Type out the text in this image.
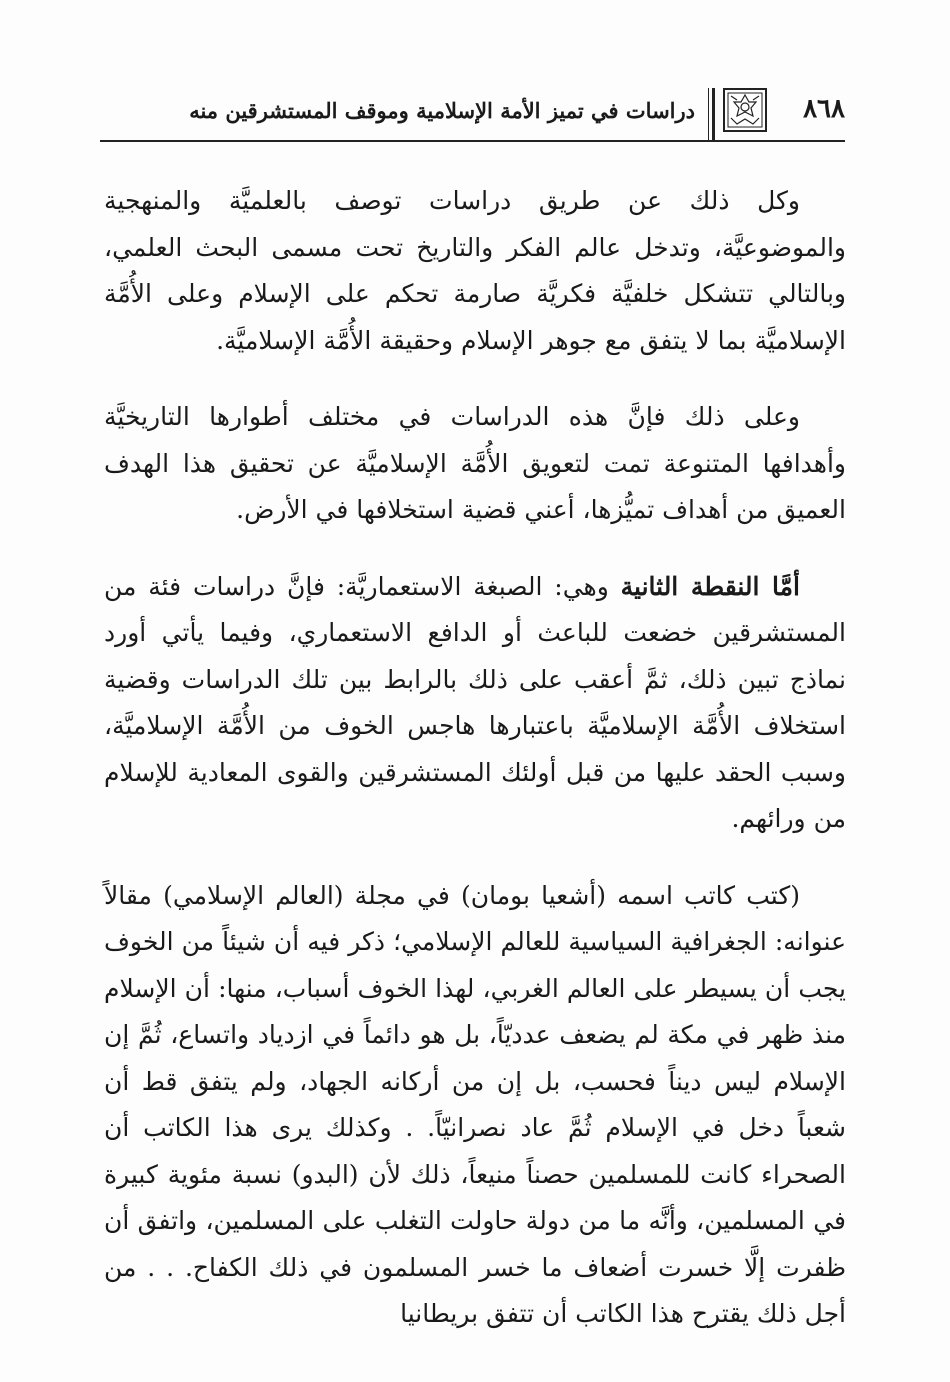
٨٦٨
دراسات في تميز الأمة الإسلامية وموقف المستشرقين منه

وكل ذلك عن طريق دراسات توصف بالعلميَّة والمنهجية والموضوعيَّة، وتدخل عالم الفكر والتاريخ تحت مسمى البحث العلمي، وبالتالي تتشكل خلفيَّة فكريَّة صارمة تحكم على الإسلام وعلى الأُمَّة الإسلاميَّة بما لا يتفق مع جوهر الإسلام وحقيقة الأُمَّة الإسلاميَّة.

وعلى ذلك فإنَّ هذه الدراسات في مختلف أطوارها التاريخيَّة وأهدافها المتنوعة تمت لتعويق الأُمَّة الإسلاميَّة عن تحقيق هذا الهدف العميق من أهداف تميُّزها، أعني قضية استخلافها في الأرض.

أمَّا النقطة الثانية وهي: الصبغة الاستعماريَّة: فإنَّ دراسات فئة من المستشرقين خضعت للباعث أو الدافع الاستعماري، وفيما يأتي أورد نماذج تبين ذلك، ثمَّ أعقب على ذلك بالرابط بين تلك الدراسات وقضية استخلاف الأُمَّة الإسلاميَّة باعتبارها هاجس الخوف من الأُمَّة الإسلاميَّة، وسبب الحقد عليها من قبل أولئك المستشرقين والقوى المعادية للإسلام من ورائهم.

(كتب كاتب اسمه (أشعيا بومان) في مجلة (العالم الإسلامي) مقالاً عنوانه: الجغرافية السياسية للعالم الإسلامي؛ ذكر فيه أن شيئاً من الخوف يجب أن يسيطر على العالم الغربي، لهذا الخوف أسباب، منها: أن الإسلام منذ ظهر في مكة لم يضعف عدديّاً، بل هو دائماً في ازدياد واتساع، ثُمَّ إن الإسلام ليس ديناً فحسب، بل إن من أركانه الجهاد، ولم يتفق قط أن شعباً دخل في الإسلام ثُمَّ عاد نصرانيّاً. . وكذلك يرى هذا الكاتب أن الصحراء كانت للمسلمين حصناً منيعاً، ذلك لأن (البدو) نسبة مئوية كبيرة في المسلمين، وأنَّه ما من دولة حاولت التغلب على المسلمين، واتفق أن ظفرت إلَّا خسرت أضعاف ما خسر المسلمون في ذلك الكفاح. . . من أجل ذلك يقترح هذا الكاتب أن تتفق بريطانيا
